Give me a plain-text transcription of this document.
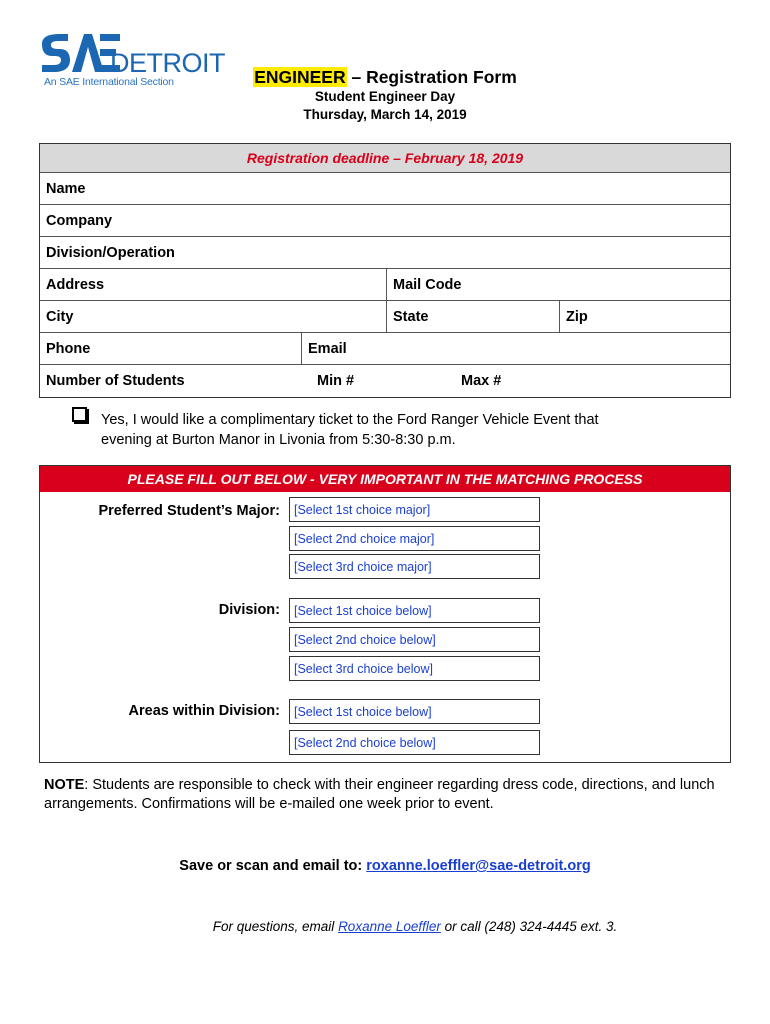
SAE
DETROIT
An SAE International Section	ENGINEER – Registration Form
Student Engineer Day
Thursday, March 14, 2019
Registration deadline – February 18, 2019
Name
Company
Division/Operation
Address	Mail Code
City	State	Zip
Phone	Email
Number of Students	Min #	Max #
Yes, I would like a complimentary ticket to the Ford Ranger Vehicle Event that
evening at Burton Manor in Livonia from 5:30-8:30 p.m.
PLEASE FILL OUT BELOW - VERY IMPORTANT IN THE MATCHING PROCESS
Preferred Student’s Major:	[Select 1st choice major]
[Select 2nd choice major]
[Select 3rd choice major]
Division:	[Select 1st choice below]
[Select 2nd choice below]
[Select 3rd choice below]
Areas within Division:	[Select 1st choice below]
[Select 2nd choice below]
NOTE: Students are responsible to check with their engineer regarding dress code, directions, and lunch arrangements. Confirmations will be e-mailed one week prior to event.
Save or scan and email to: roxanne.loeffler@sae-detroit.org
For questions, email Roxanne Loeffler or call (248) 324-4445 ext. 3.
